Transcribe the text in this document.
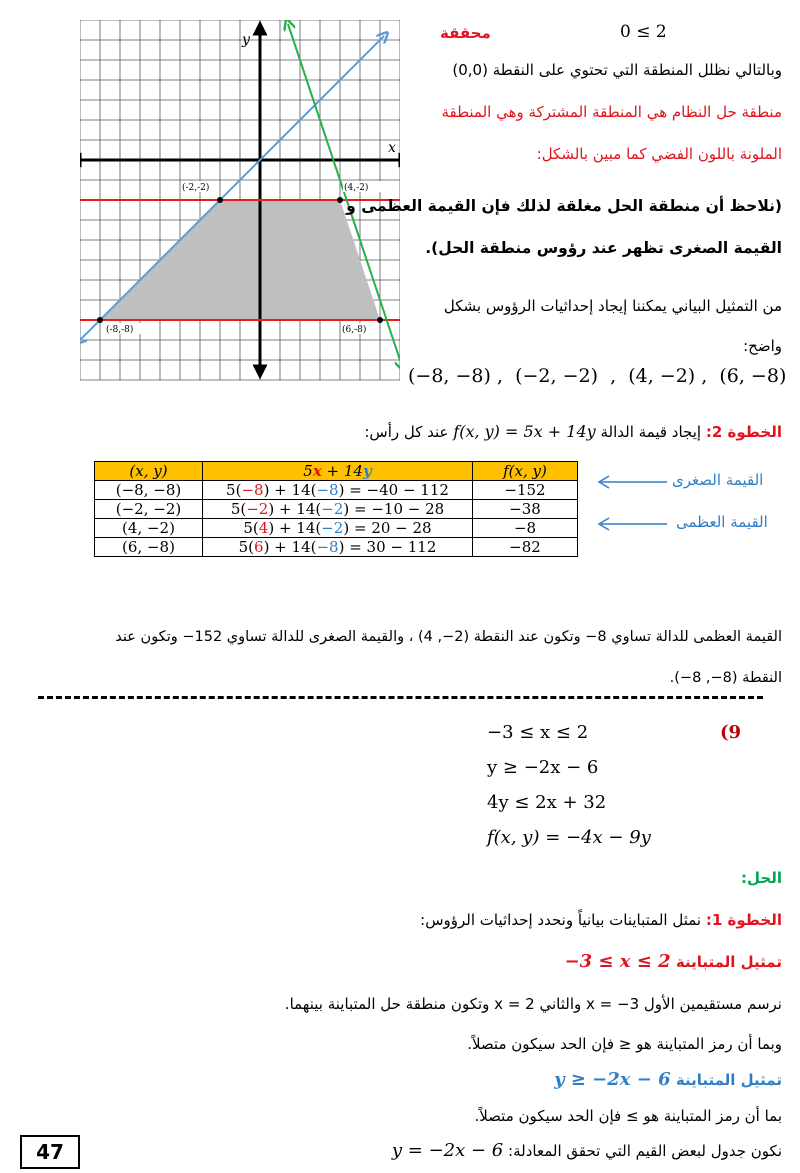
(-2,-2)	(4,-2)
(-8,-8)	(6,-8)
y
x
0 ≤ 2
محققة
وبالتالي نظلل المنطقة التي تحتوي على النقطة (0,0)
منطقة حل النظام هي المنطقة المشتركة وهي المنطقة
الملونة باللون الفضي كما مبين بالشكل:
(نلاحظ أن منطقة الحل مغلقة لذلك فإن القيمة العظمى و
القيمة الصغرى تظهر عند رؤوس منطقة الحل).
من التمثيل البياني يمكننا إيجاد إحداثيات الرؤوس بشكل
واضح:
(−8, −8) ,  (−2, −2)  ,  (4, −2) ,  (6, −8)
الخطوة 2: إيجاد قيمة الدالة f(x, y) = 5x + 14y عند كل رأس:
(x, y)	5x + 14y	f(x, y)
(−8, −8)	5(−8) + 14(−8) = −40 − 112	−152
(−2, −2)	5(−2) + 14(−2) = −10 − 28	−38
(4, −2)	5(4) + 14(−2) = 20 − 28	−8
(6, −8)	5(6) + 14(−8) = 30 − 112	−82
القيمة الصغرى
القيمة العظمى
القيمة العظمى للدالة تساوي 8− وتكون عند النقطة (2−, 4) ، والقيمة الصغرى للدالة تساوي 152− وتكون عند
النقطة (8−, 8−).
−3 ≤ x ≤ 2	(9
y ≥ −2x − 6
4y ≤ 2x + 32
f(x, y) = −4x − 9y
الحل:
الخطوة 1: نمثل المتباينات بيانياً ونحدد إحداثيات الرؤوس:
تمثيل المتباينة −3 ≤ x ≤ 2
نرسم مستقيمين الأول 3− = x والثاني 2 = x وتكون منطقة حل المتباينة بينهما.
وبما أن رمز المتباينة هو ≤ فإن الحد سيكون متصلاً.
تمثيل المتباينة y ≥ −2x − 6
بما أن رمز المتباينة هو ≥ فإن الحد سيكون متصلاً.
نكون جدول لبعض القيم التي تحقق المعادلة: y = −2x − 6
47
